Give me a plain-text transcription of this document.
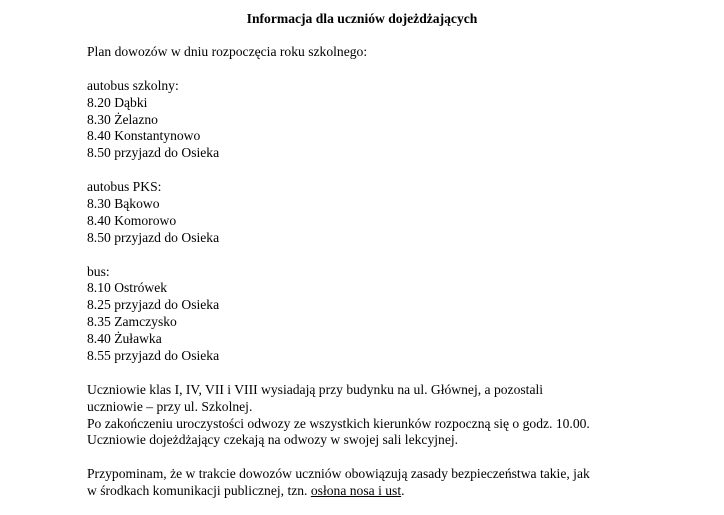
Informacja dla uczniów dojeżdżających
Plan dowozów w dniu rozpoczęcia roku szkolnego:
autobus szkolny:
8.20 Dąbki
8.30 Żelazno
8.40 Konstantynowo
8.50 przyjazd do Osieka
autobus PKS:
8.30 Bąkowo
8.40 Komorowo
8.50 przyjazd do Osieka
bus:
8.10 Ostrówek
8.25 przyjazd do Osieka
8.35 Zamczysko
8.40 Żuławka
8.55 przyjazd do Osieka
Uczniowie klas I, IV, VII i VIII wysiadają przy budynku na ul. Głównej, a pozostali
uczniowie – przy ul. Szkolnej.
Po zakończeniu uroczystości odwozy ze wszystkich kierunków rozpoczną się o godz. 10.00.
Uczniowie dojeżdżający czekają na odwozy w swojej sali lekcyjnej.
Przypominam, że w trakcie dowozów uczniów obowiązują zasady bezpieczeństwa takie, jak
w środkach komunikacji publicznej, tzn. osłona nosa i ust.
